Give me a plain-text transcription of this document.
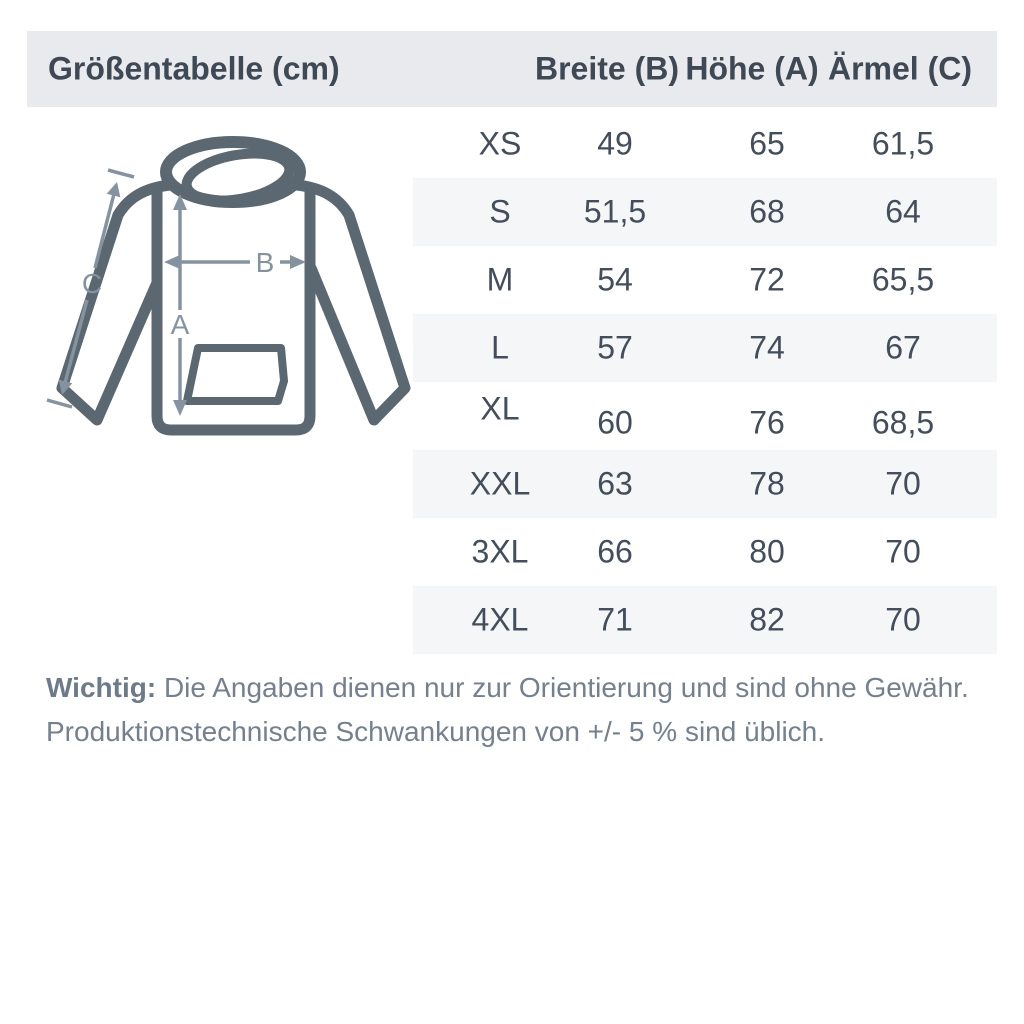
Größentabelle (cm)	Breite (B) Höhe (A) Ärmel (C)
A
B
C
XS 49	65	61,5
S 51,5	68	64
M	54	72	65,5
L	57	74	67
XL 60	76	68,5
XXL 63	78	70
3XL 66	80	70
4XL 71	82	70
Wichtig: Die Angaben dienen nur zur Orientierung und sind ohne Gewähr.
Produktionstechnische Schwankungen von +/- 5 % sind üblich.
